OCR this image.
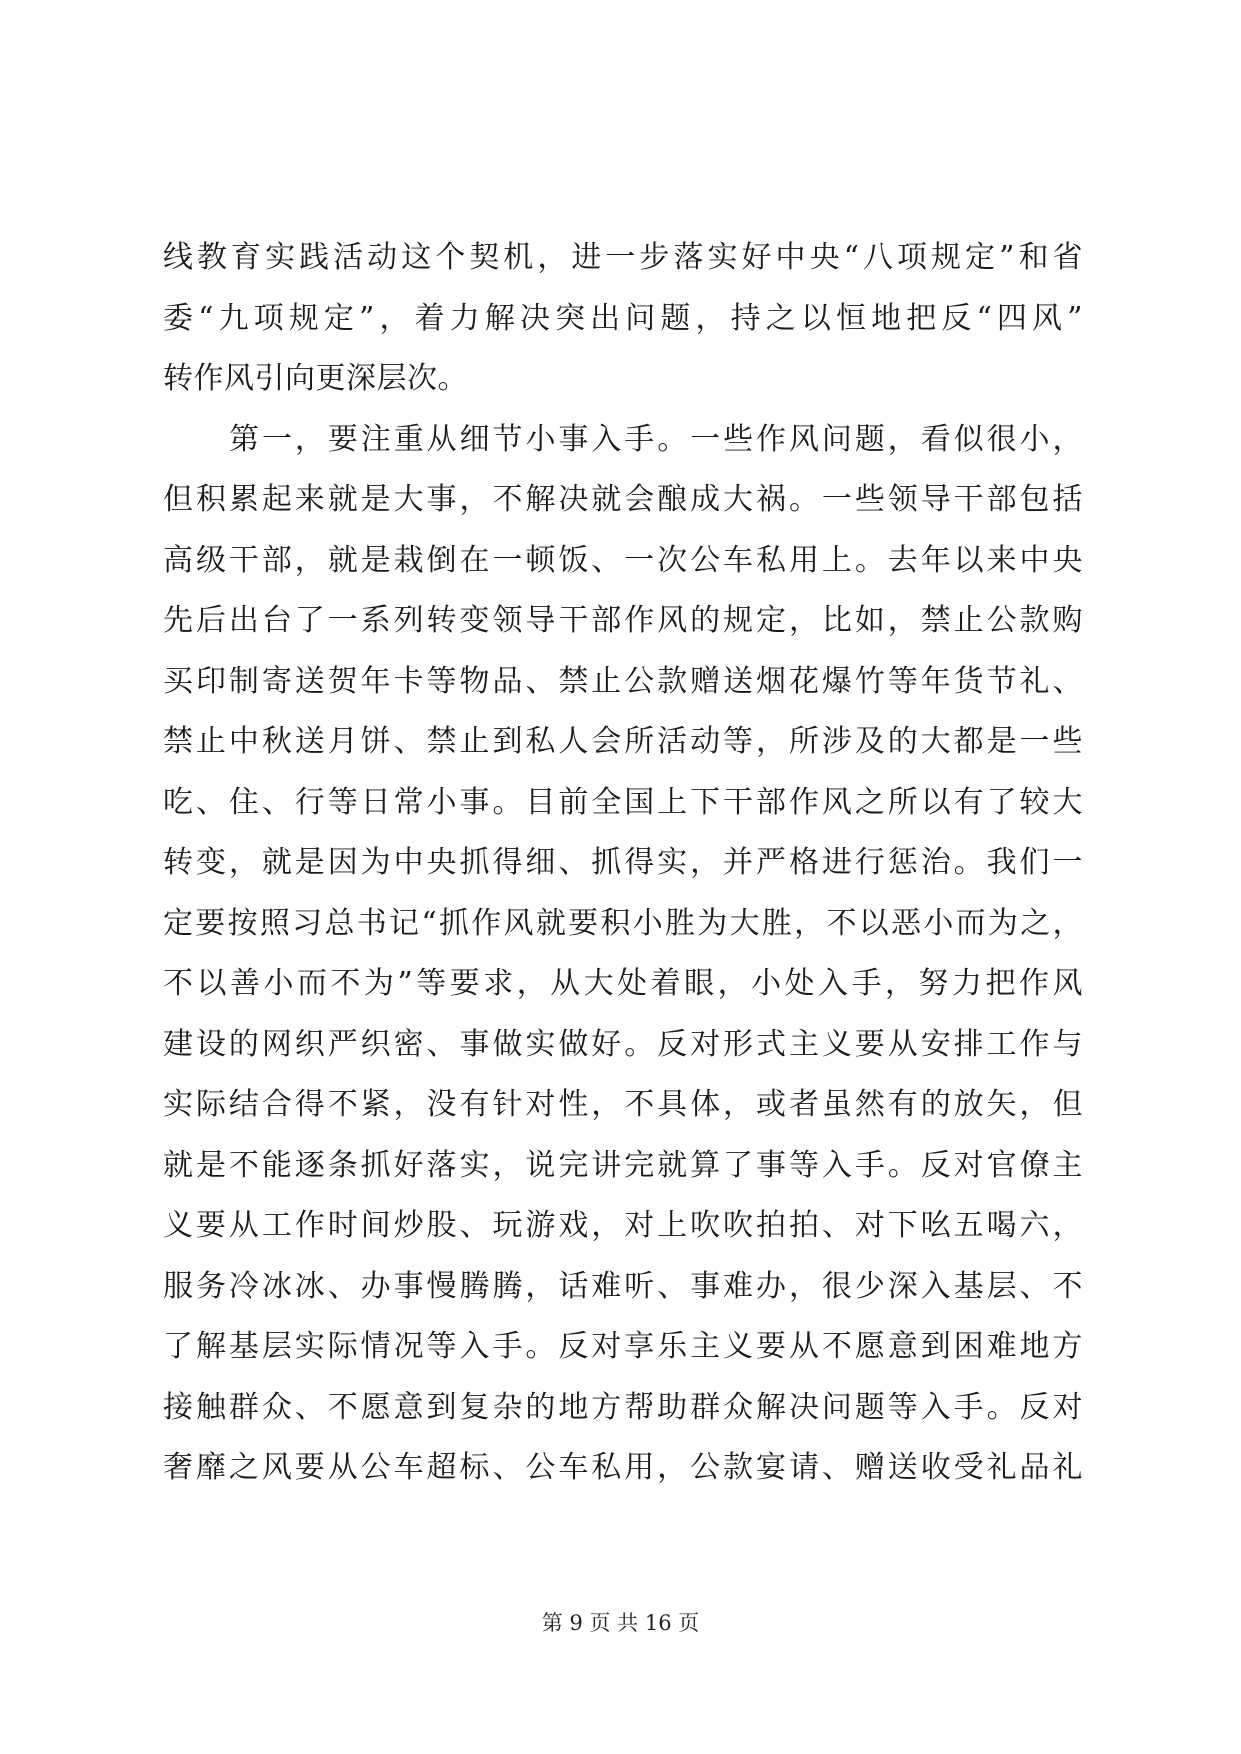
线教育实践活动这个契机，进一步落实好中央“八项规定”和省
委“九项规定”，着力解决突出问题，持之以恒地把反“四风”
转作风引向更深层次。
第一，要注重从细节小事入手。一些作风问题，看似很小，
但积累起来就是大事，不解决就会酿成大祸。一些领导干部包括
高级干部，就是栽倒在一顿饭、一次公车私用上。去年以来中央
先后出台了一系列转变领导干部作风的规定，比如，禁止公款购
买印制寄送贺年卡等物品、禁止公款赠送烟花爆竹等年货节礼、
禁止中秋送月饼、禁止到私人会所活动等，所涉及的大都是一些
吃、住、行等日常小事。目前全国上下干部作风之所以有了较大
转变，就是因为中央抓得细、抓得实，并严格进行惩治。我们一
定要按照习总书记“抓作风就要积小胜为大胜，不以恶小而为之，
不以善小而不为”等要求，从大处着眼，小处入手，努力把作风
建设的网织严织密、事做实做好。反对形式主义要从安排工作与
实际结合得不紧，没有针对性，不具体，或者虽然有的放矢，但
就是不能逐条抓好落实，说完讲完就算了事等入手。反对官僚主
义要从工作时间炒股、玩游戏，对上吹吹拍拍、对下吆五喝六，
服务冷冰冰、办事慢腾腾，话难听、事难办，很少深入基层、不
了解基层实际情况等入手。反对享乐主义要从不愿意到困难地方
接触群众、不愿意到复杂的地方帮助群众解决问题等入手。反对
奢靡之风要从公车超标、公车私用，公款宴请、赠送收受礼品礼
第 9 页 共 16 页
